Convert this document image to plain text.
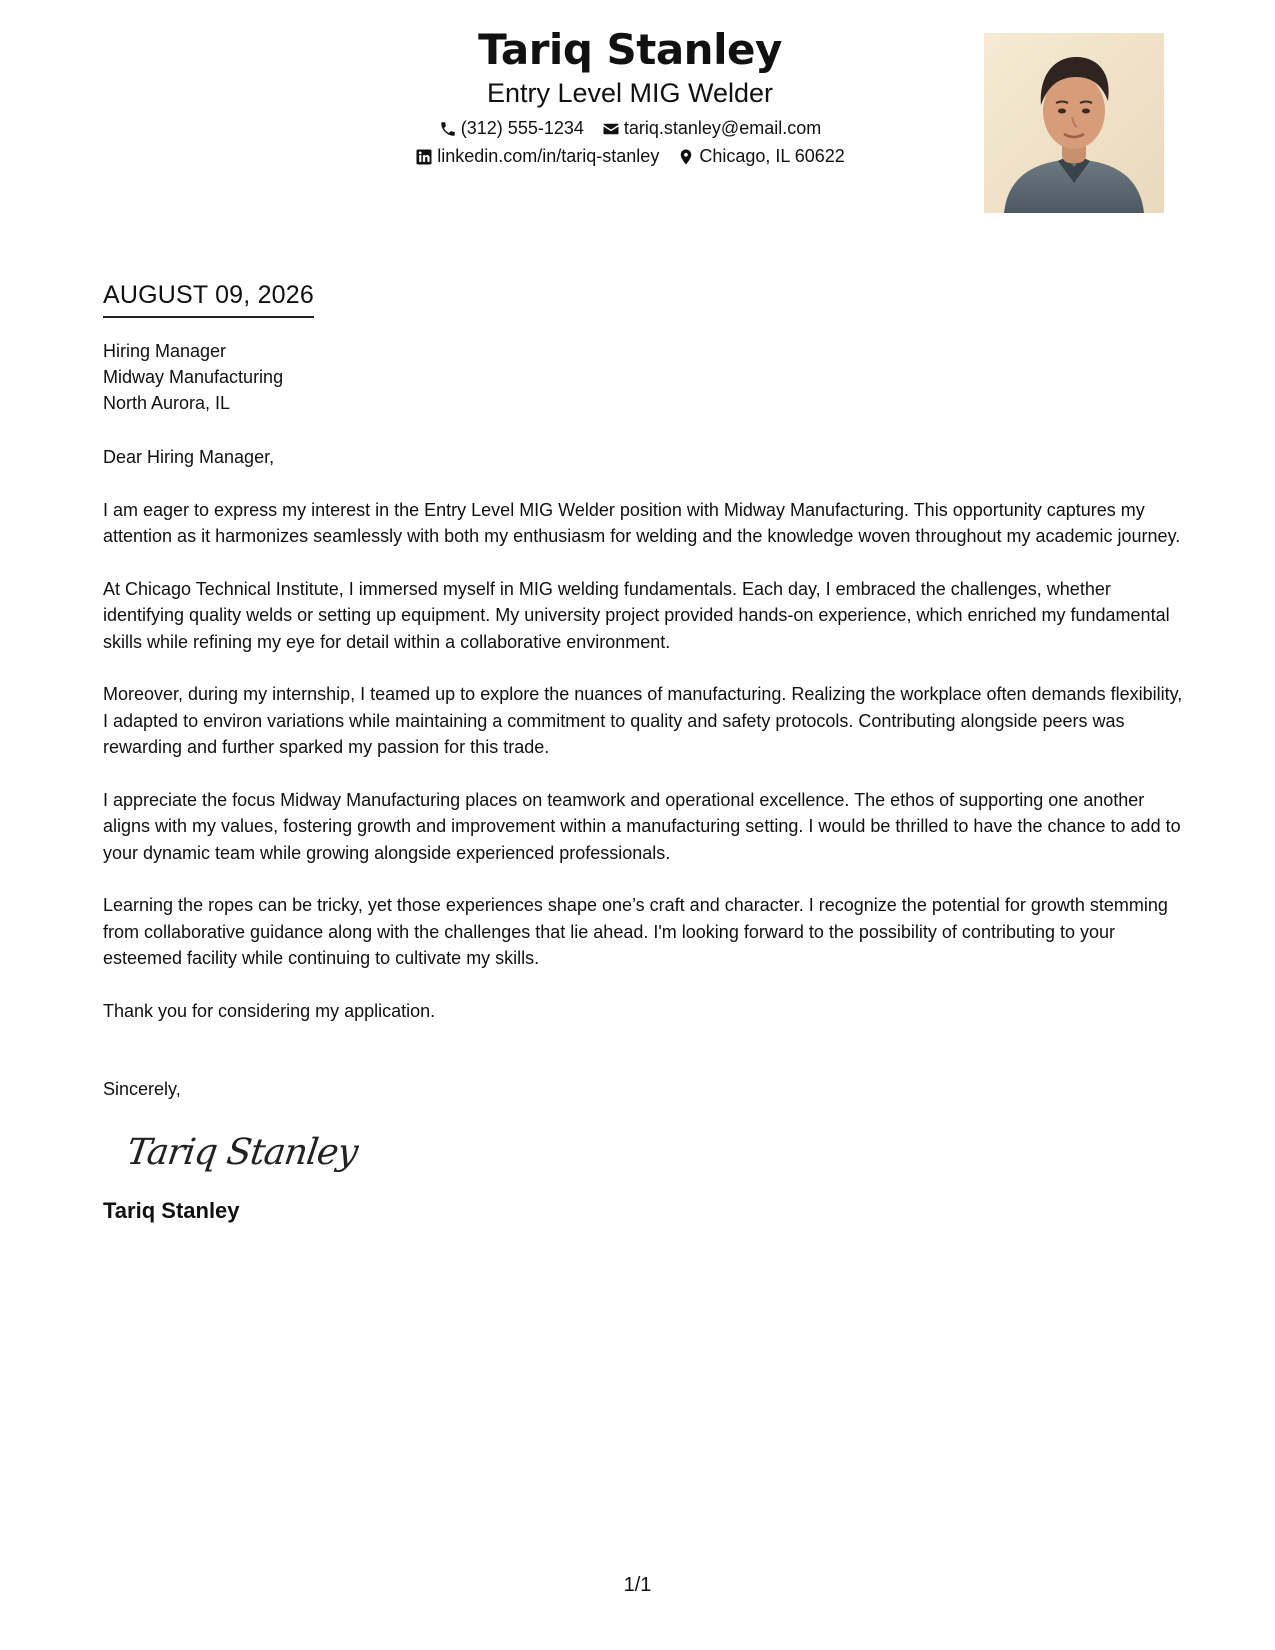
Tariq Stanley
Entry Level MIG Welder
(312) 555-1234 tariq.stanley@email.com
linkedin.com/in/tariq-stanley Chicago, IL 60622
AUGUST 09, 2026
Hiring Manager
Midway Manufacturing
North Aurora, IL
Dear Hiring Manager,
I am eager to express my interest in the Entry Level MIG Welder position with Midway Manufacturing. This opportunity captures my attention as it harmonizes seamlessly with both my enthusiasm for welding and the knowledge woven throughout my academic journey.
At Chicago Technical Institute, I immersed myself in MIG welding fundamentals. Each day, I embraced the challenges, whether identifying quality welds or setting up equipment. My university project provided hands-on experience, which enriched my fundamental skills while refining my eye for detail within a collaborative environment.
Moreover, during my internship, I teamed up to explore the nuances of manufacturing. Realizing the workplace often demands flexibility, I adapted to environ variations while maintaining a commitment to quality and safety protocols. Contributing alongside peers was rewarding and further sparked my passion for this trade.
I appreciate the focus Midway Manufacturing places on teamwork and operational excellence. The ethos of supporting one another aligns with my values, fostering growth and improvement within a manufacturing setting. I would be thrilled to have the chance to add to your dynamic team while growing alongside experienced professionals.
Learning the ropes can be tricky, yet those experiences shape one’s craft and character. I recognize the potential for growth stemming from collaborative guidance along with the challenges that lie ahead. I'm looking forward to the possibility of contributing to your esteemed facility while continuing to cultivate my skills.
Thank you for considering my application.
Sincerely,
Tariq Stanley
Tariq Stanley
1/1
